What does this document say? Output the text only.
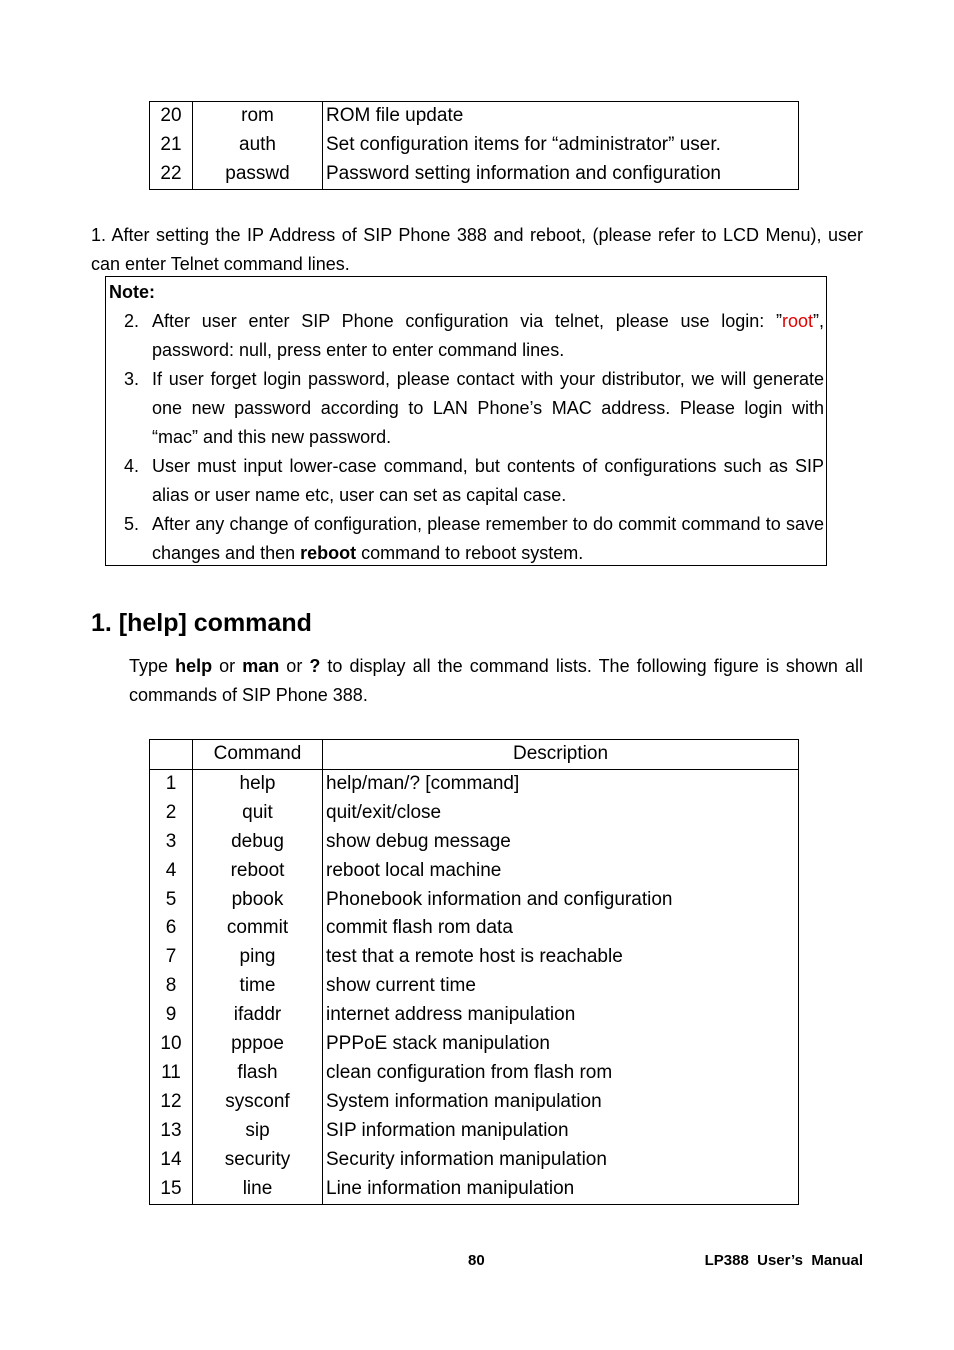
20	rom	ROM file update
21	auth	Set configuration items for “administrator” user.
22	passwd	Password setting information and configuration
1. After setting the IP Address of SIP Phone 388 and reboot, (please refer to LCD Menu), user can enter Telnet command lines.
Note:
2. After user enter SIP Phone configuration via telnet, please use login: ”root”, password: null, press enter to enter command lines.
3. If user forget login password, please contact with your distributor, we will generate one new password according to LAN Phone’s MAC address. Please login with “mac” and this new password.
4. User must input lower-case command, but contents of configurations such as SIP alias or user name etc, user can set as capital case.
5. After any change of configuration, please remember to do commit command to save changes and then reboot command to reboot system.
1. [help] command
Type help or man or ? to display all the command lists. The following figure is shown all commands of SIP Phone 388.
	Command	Description
1	help	help/man/? [command]
2	quit	quit/exit/close
3	debug	show debug message
4	reboot	reboot local machine
5	pbook	Phonebook information and configuration
6	commit	commit flash rom data
7	ping	test that a remote host is reachable
8	time	show current time
9	ifaddr	internet address manipulation
10	pppoe	PPPoE stack manipulation
11	flash	clean configuration from flash rom
12	sysconf	System information manipulation
13	sip	SIP information manipulation
14	security	Security information manipulation
15	line	Line information manipulation
80	LP388  User’s  Manual
